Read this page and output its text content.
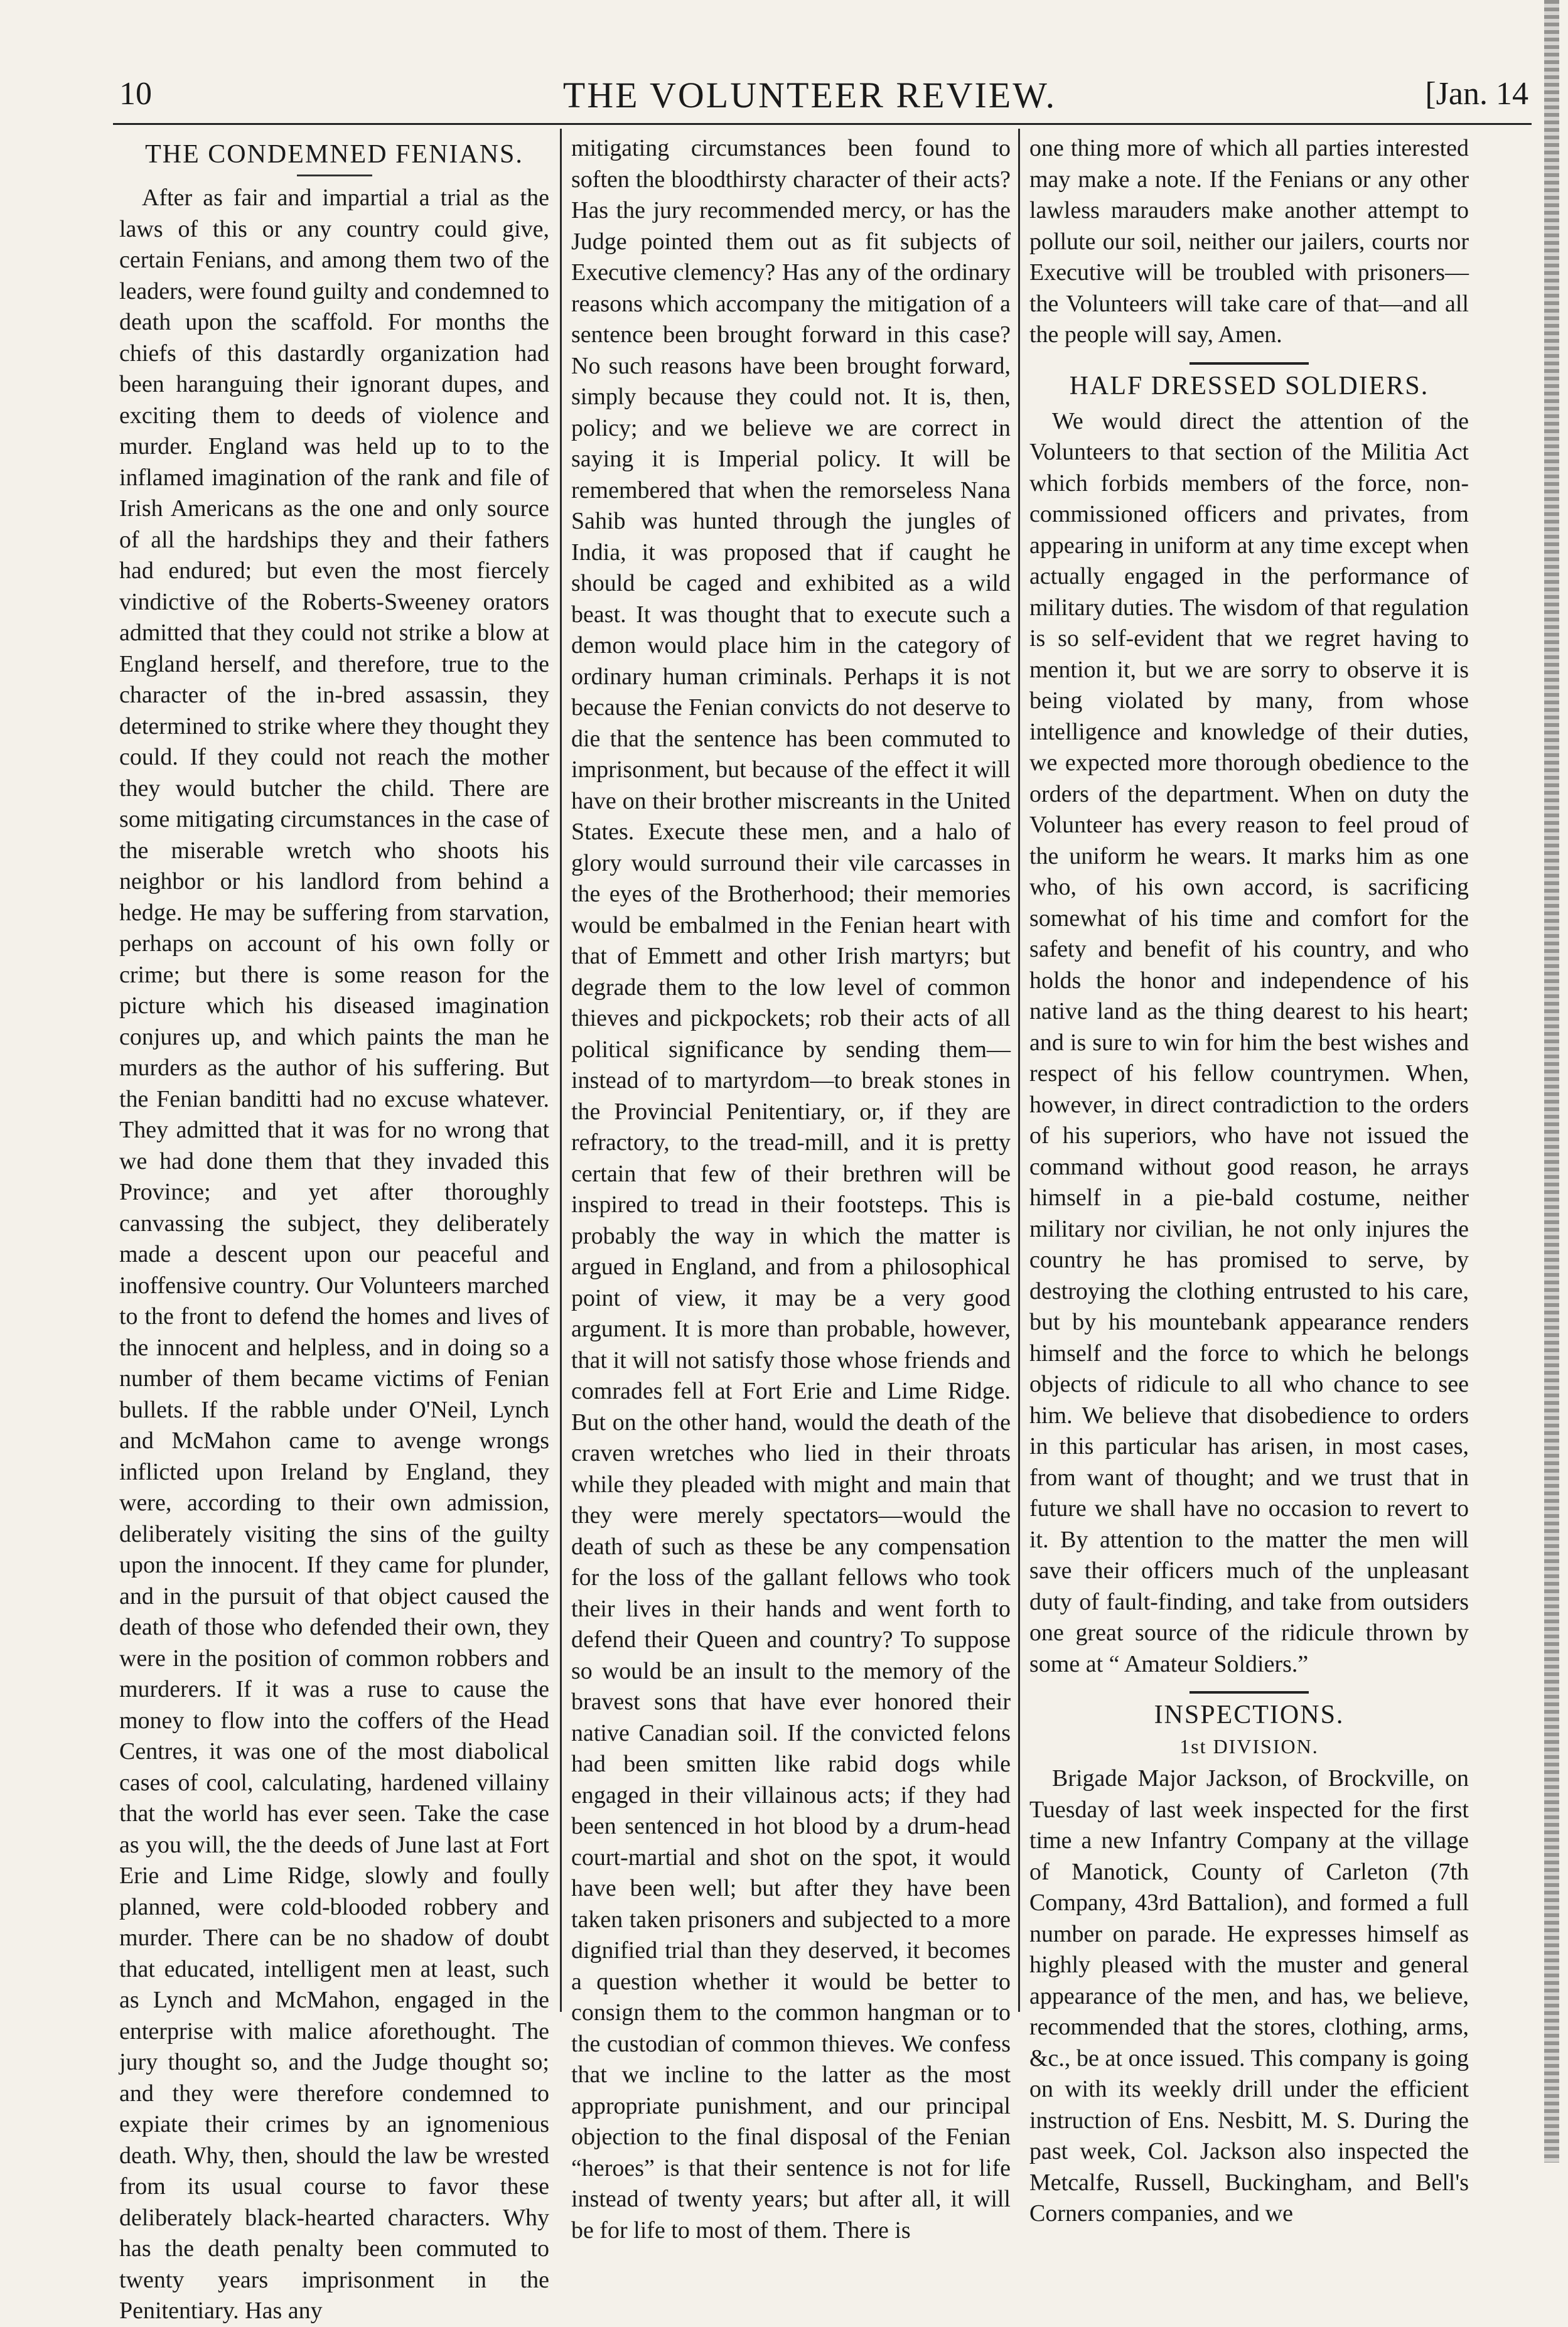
10	THE VOLUNTEER REVIEW.	[Jan. 14
THE CONDEMNED FENIANS.

After as fair and impartial a trial as the laws of this or any country could give, certain Fenians, and among them two of the leaders, were found guilty and condemned to death upon the scaffold. For months the chiefs of this dastardly organization had been haranguing their ignorant dupes, and exciting them to deeds of violence and murder. England was held up to to the inflamed imagination of the rank and file of Irish Americans as the one and only source of all the hardships they and their fathers had endured; but even the most fiercely vindictive of the Roberts-Sweeney orators admitted that they could not strike a blow at England herself, and therefore, true to the character of the in-bred assassin, they determined to strike where they thought they could. If they could not reach the mother they would butcher the child. There are some mitigating circumstances in the case of the miserable wretch who shoots his neighbor or his landlord from behind a hedge. He may be suffering from starvation, perhaps on account of his own folly or crime; but there is some reason for the picture which his diseased imagination conjures up, and which paints the man he murders as the author of his suffering. But the Fenian banditti had no excuse whatever. They admitted that it was for no wrong that we had done them that they invaded this Province; and yet after thoroughly canvassing the subject, they deliberately made a descent upon our peaceful and inoffensive country. Our Volunteers marched to the front to defend the homes and lives of the innocent and helpless, and in doing so a number of them became victims of Fenian bullets. If the rabble under O'Neil, Lynch and McMahon came to avenge wrongs inflicted upon Ireland by England, they were, according to their own admission, deliberately visiting the sins of the guilty upon the innocent. If they came for plunder, and in the pursuit of that object caused the death of those who defended their own, they were in the position of common robbers and murderers. If it was a ruse to cause the money to flow into the coffers of the Head Centres, it was one of the most diabolical cases of cool, calculating, hardened villainy that the world has ever seen. Take the case as you will, the the deeds of June last at Fort Erie and Lime Ridge, slowly and foully planned, were cold-blooded robbery and murder. There can be no shadow of doubt that educated, intelligent men at least, such as Lynch and McMahon, engaged in the enterprise with malice aforethought. The jury thought so, and the Judge thought so; and they were therefore condemned to expiate their crimes by an ignomenious death. Why, then, should the law be wrested from its usual course to favor these deliberately black-hearted characters. Why has the death penalty been commuted to twenty years imprisonment in the Penitentiary. Has any

mitigating circumstances been found to soften the bloodthirsty character of their acts? Has the jury recommended mercy, or has the Judge pointed them out as fit subjects of Executive clemency? Has any of the ordinary reasons which accompany the mitigation of a sentence been brought forward in this case? No such reasons have been brought forward, simply because they could not. It is, then, policy; and we believe we are correct in saying it is Imperial policy. It will be remembered that when the remorseless Nana Sahib was hunted through the jungles of India, it was proposed that if caught he should be caged and exhibited as a wild beast. It was thought that to execute such a demon would place him in the category of ordinary human criminals. Perhaps it is not because the Fenian convicts do not deserve to die that the sentence has been commuted to imprisonment, but because of the effect it will have on their brother miscreants in the United States. Execute these men, and a halo of glory would surround their vile carcasses in the eyes of the Brotherhood; their memories would be embalmed in the Fenian heart with that of Emmett and other Irish martyrs; but degrade them to the low level of common thieves and pickpockets; rob their acts of all political significance by sending them—instead of to martyrdom—to break stones in the Provincial Penitentiary, or, if they are refractory, to the tread-mill, and it is pretty certain that few of their brethren will be inspired to tread in their footsteps. This is probably the way in which the matter is argued in England, and from a philosophical point of view, it may be a very good argument. It is more than probable, however, that it will not satisfy those whose friends and comrades fell at Fort Erie and Lime Ridge. But on the other hand, would the death of the craven wretches who lied in their throats while they pleaded with might and main that they were merely spectators—would the death of such as these be any compensation for the loss of the gallant fellows who took their lives in their hands and went forth to defend their Queen and country? To suppose so would be an insult to the memory of the bravest sons that have ever honored their native Canadian soil. If the convicted felons had been smitten like rabid dogs while engaged in their villainous acts; if they had been sentenced in hot blood by a drum-head court-martial and shot on the spot, it would have been well; but after they have been taken taken prisoners and subjected to a more dignified trial than they deserved, it becomes a question whether it would be better to consign them to the common hangman or to the custodian of common thieves. We confess that we incline to the latter as the most appropriate punishment, and our principal objection to the final disposal of the Fenian “heroes” is that their sentence is not for life instead of twenty years; but after all, it will be for life to most of them. There is

one thing more of which all parties interested may make a note. If the Fenians or any other lawless marauders make another attempt to pollute our soil, neither our jailers, courts nor Executive will be troubled with prisoners—the Volunteers will take care of that—and all the people will say, Amen.

HALF DRESSED SOLDIERS.

We would direct the attention of the Volunteers to that section of the Militia Act which forbids members of the force, non-commissioned officers and privates, from appearing in uniform at any time except when actually engaged in the performance of military duties. The wisdom of that regulation is so self-evident that we regret having to mention it, but we are sorry to observe it is being violated by many, from whose intelligence and knowledge of their duties, we expected more thorough obedience to the orders of the department. When on duty the Volunteer has every reason to feel proud of the uniform he wears. It marks him as one who, of his own accord, is sacrificing somewhat of his time and comfort for the safety and benefit of his country, and who holds the honor and independence of his native land as the thing dearest to his heart; and is sure to win for him the best wishes and respect of his fellow countrymen. When, however, in direct contradiction to the orders of his superiors, who have not issued the command without good reason, he arrays himself in a pie-bald costume, neither military nor civilian, he not only injures the country he has promised to serve, by destroying the clothing entrusted to his care, but by his mountebank appearance renders himself and the force to which he belongs objects of ridicule to all who chance to see him. We believe that disobedience to orders in this particular has arisen, in most cases, from want of thought; and we trust that in future we shall have no occasion to revert to it. By attention to the matter the men will save their officers much of the unpleasant duty of fault-finding, and take from outsiders one great source of the ridicule thrown by some at “ Amateur Soldiers.”

INSPECTIONS.
1st DIVISION.

Brigade Major Jackson, of Brockville, on Tuesday of last week inspected for the first time a new Infantry Company at the village of Manotick, County of Carleton (7th Company, 43rd Battalion), and formed a full number on parade. He expresses himself as highly pleased with the muster and general appearance of the men, and has, we believe, recommended that the stores, clothing, arms, &c., be at once issued. This company is going on with its weekly drill under the efficient instruction of Ens. Nesbitt, M. S. During the past week, Col. Jackson also inspected the Metcalfe, Russell, Buckingham, and Bell's Corners companies, and we
